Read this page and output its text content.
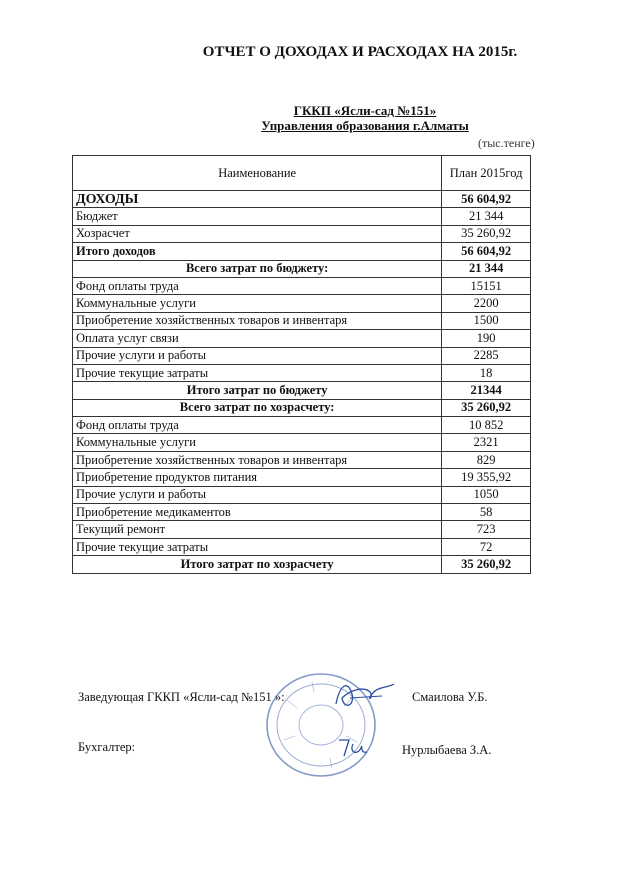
ОТЧЕТ О ДОХОДАХ И РАСХОДАХ НА 2015г.
ГККП «Ясли-сад №151»
Управления образования г.Алматы
(тыс.тенге)
Наименование	План 2015год
ДОХОДЫ	56 604,92
Бюджет	21 344
Хозрасчет	35 260,92
Итого доходов	56 604,92
Всего затрат по бюджету:	21 344
Фонд оплаты труда	15151
Коммунальные услуги	2200
Приобретение хозяйственных товаров и инвентаря	1500
Оплата услуг связи	190
Прочие услуги и работы	2285
Прочие текущие затраты	18
Итого затрат по бюджету	21344
Всего затрат по хозрасчету:	35 260,92
Фонд оплаты труда	10 852
Коммунальные услуги	2321
Приобретение хозяйственных товаров и инвентаря	829
Приобретение продуктов питания	19 355,92
Прочие услуги и работы	1050
Приобретение медикаментов	58
Текущий ремонт	723
Прочие текущие затраты	72
Итого затрат по хозрасчету	35 260,92
Заведующая ГККП «Ясли-сад №151 »:	Смаилова У.Б.
Бухгалтер:	Нурлыбаева З.А.
